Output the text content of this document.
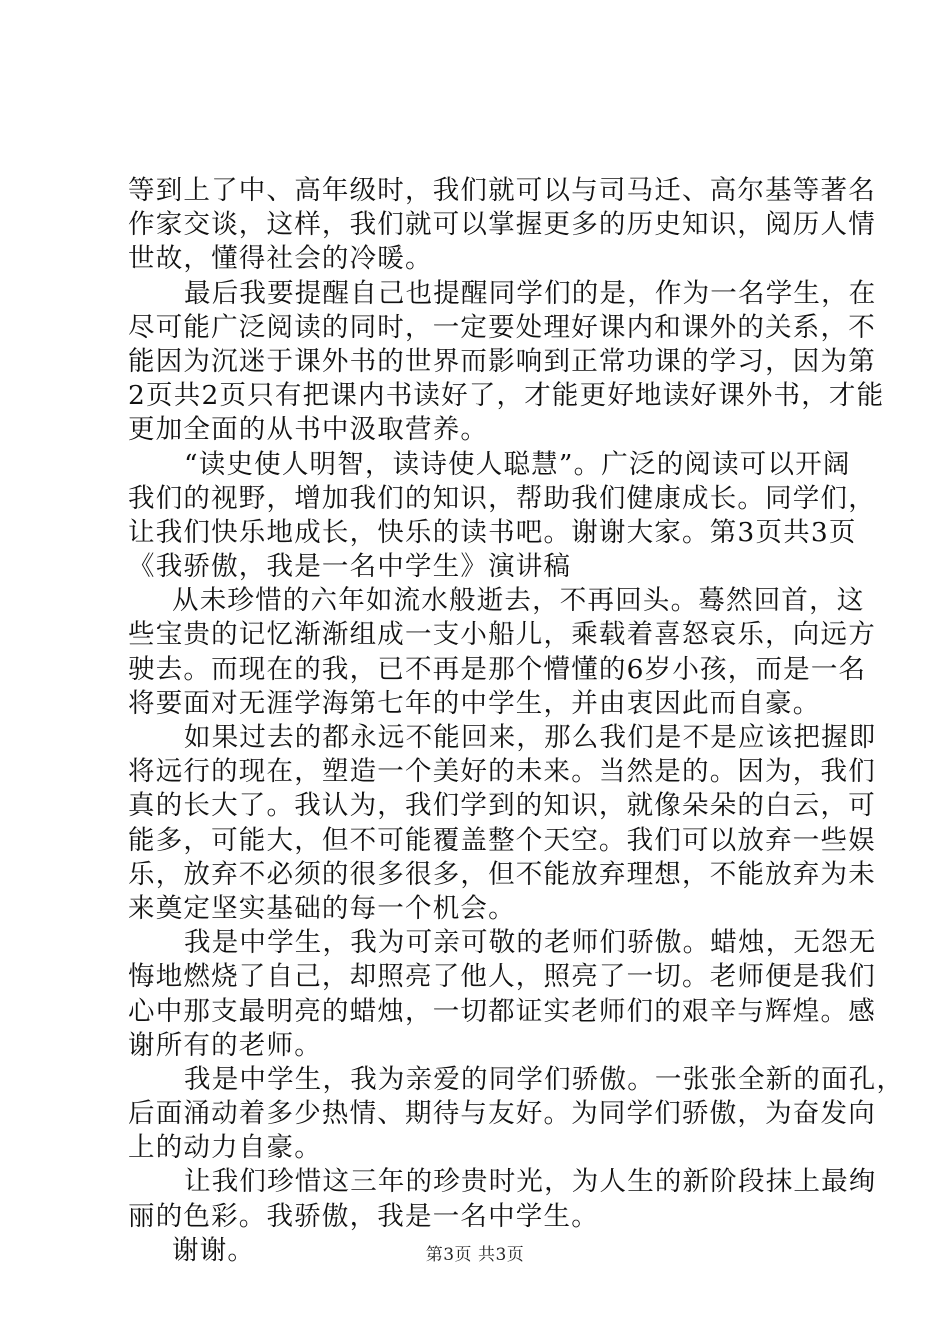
等到上了中、高年级时，我们就可以与司马迁、高尔基等著名
作家交谈，这样，我们就可以掌握更多的历史知识，阅历人情
世故，懂得社会的冷暖。
最后我要提醒自己也提醒同学们的是，作为一名学生，在
尽可能广泛阅读的同时，一定要处理好课内和课外的关系，不
能因为沉迷于课外书的世界而影响到正常功课的学习，因为第
2页共2页只有把课内书读好了，才能更好地读好课外书，才能
更加全面的从书中汲取营养。
“读史使人明智，读诗使人聪慧”。广泛的阅读可以开阔
我们的视野，增加我们的知识，帮助我们健康成长。同学们，
让我们快乐地成长，快乐的读书吧。谢谢大家。第3页共3页
《我骄傲，我是一名中学生》演讲稿
从未珍惜的六年如流水般逝去，不再回头。蓦然回首，这
些宝贵的记忆渐渐组成一支小船儿，乘载着喜怒哀乐，向远方
驶去。而现在的我，已不再是那个懵懂的6岁小孩，而是一名
将要面对无涯学海第七年的中学生，并由衷因此而自豪。
如果过去的都永远不能回来，那么我们是不是应该把握即
将远行的现在，塑造一个美好的未来。当然是的。因为，我们
真的长大了。我认为，我们学到的知识，就像朵朵的白云，可
能多，可能大，但不可能覆盖整个天空。我们可以放弃一些娱
乐，放弃不必须的很多很多，但不能放弃理想，不能放弃为未
来奠定坚实基础的每一个机会。
我是中学生，我为可亲可敬的老师们骄傲。蜡烛，无怨无
悔地燃烧了自己，却照亮了他人，照亮了一切。老师便是我们
心中那支最明亮的蜡烛，一切都证实老师们的艰辛与辉煌。感
谢所有的老师。
我是中学生，我为亲爱的同学们骄傲。一张张全新的面孔，
后面涌动着多少热情、期待与友好。为同学们骄傲，为奋发向
上的动力自豪。
让我们珍惜这三年的珍贵时光，为人生的新阶段抹上最绚
丽的色彩。我骄傲，我是一名中学生。
谢谢。	第3页 共3页
